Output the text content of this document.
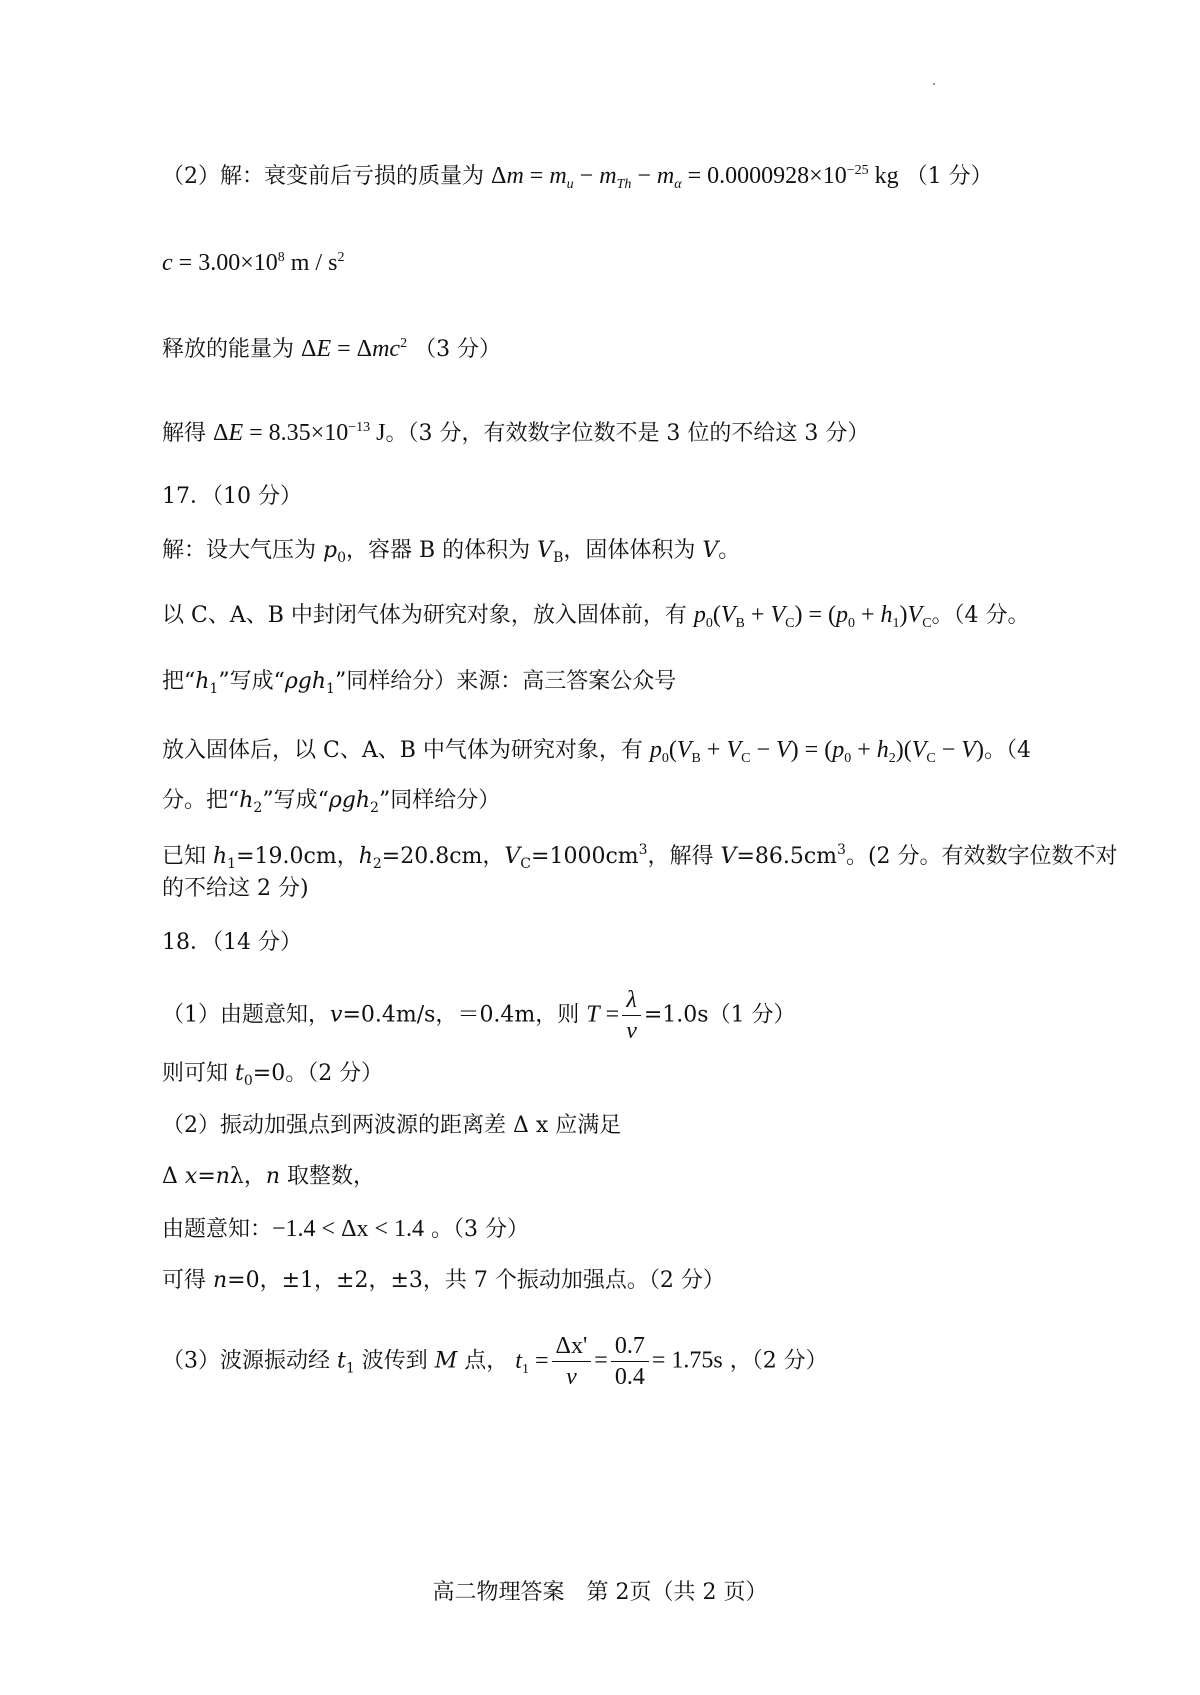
（2）解：衰变前后亏损的质量为 $\Delta m = m_u - m_{Th} - m_\alpha = 0.0000928\times 10^{-25}$ kg （1 分）
$c = 3.00\times 10^8$ m / $s^2$
释放的能量为 ΔE = Δmc$^2$ （3 分）
解得 $\Delta E = 8.35\times 10^{-13}$ J。（3 分，有效数字位数不是 3 位的不给这 3 分）
17．（10 分）
解：设大气压为 $p_0$，容器 B 的体积为 $V_B$，固体体积为 V。
以 C、A、B 中封闭气体为研究对象，放入固体前，有 $p_0(V_B + V_C) = (p_0 + h_1)V_C$。（4 分。
把“$h_1$”写成“ρgh$_1$”同样给分）来源：高三答案公众号
放入固体后，以 C、A、B 中气体为研究对象，有 $p_0(V_B + V_C - V) = (p_0 + h_2)(V_C - V)$。（4
分。把“$h_2$”写成“ρgh$_2$”同样给分）
已知 $h_1=19.0cm$，$h_2=20.8cm$，$V_C=1000cm^3$，解得 $V=86.5cm^3$。(2 分。有效数字位数不对
的不给这 2 分)
18．（14 分）
（1）由题意知，v=0.4m/s，＝0.4m，则 $T = \frac{\lambda}{v} =1.0s(1$ 分）
则可知 $t_0=0$。（2 分）
（2）振动加强点到两波源的距离差 Δ x 应满足
Δ x=nλ，n 取整数，
由题意知：−1.4 < Δx < 1.4 。（3 分）
可得 n=0，±1，±2，±3，共 7 个振动加强点。（2 分）
（3）波源振动经 $t_1$ 波传到 M 点， $t_1 = \frac{\Delta x'}{v} = \frac{0.7}{0.4} = 1.75s$ ，（2 分）
高二物理答案　第 2页（共 2 页）
